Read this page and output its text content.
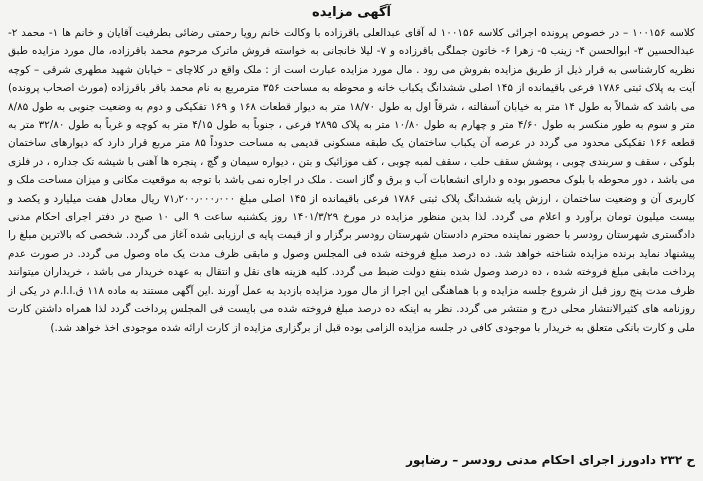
آگهی مزایده

کلاسه ۱۰۰۱۵۶ – در خصوص پرونده اجرائی کلاسه ۱۰۰۱۵۶ له آقای عبدالعلی باقرزاده با وکالت خانم رویا رحمتی رضائی بطرفیت آقایان و خانم ها ۱- محمد ۲- عبدالحسین ۳- ابوالحسن ۴- زینب ۵- زهرا ۶- خاتون جملگی باقرزاده و ۷- لیلا خانجانی به خواسته فروش ماترک مرحوم محمد باقرزاده، مال مورد مزایده طبق نظریه کارشناسی به قرار ذیل از طریق مزایده بفروش می رود . مال مورد مزایده عبارت است از : ملک واقع در کلاچای – خیابان شهید مطهری شرقی – کوچه آیت به پلاک ثبتی ۱۷۸۶ فرعی باقیمانده از ۱۴۵ اصلی ششدانگ یکباب خانه و محوطه به مساحت ۳۵۶ مترمربع به نام محمد باقر باقرزاده (مورث اصحاب پرونده) می باشد که شمالاً به طول ۱۴ متر به خیابان آسفالته ، شرقاً اول به طول ۱۸/۷۰ متر به دیوار قطعات ۱۶۸ و ۱۶۹ تفکیکی و دوم به وضعیت جنوبی به طول ۸/۸۵ متر و سوم به طور منکسر به طول ۴/۶۰ متر و چهارم به طول ۱۰/۸۰ متر به پلاک ۲۸۹۵ فرعی ، جنوباً به طول ۴/۱۵ متر به کوچه و غرباً به طول ۳۲/۸۰ متر به قطعه ۱۶۶ تفکیکی محدود می گردد در عرصه آن یکباب ساختمان یک طبقه مسکونی قدیمی به مساحت حدوداً ۸۵ متر مربع قرار دارد که دیوارهای ساختمان بلوکی ، سقف و سربندی چوبی ، پوشش سقف حلب ، سقف لمبه چوبی ، کف موزائیک و بتن ، دیواره سیمان و گچ ، پنجره ها آهنی با شیشه تک جداره ، در فلزی می باشد ، دور محوطه با بلوک محصور بوده و دارای انشعابات آب و برق و گاز است . ملک در اجاره نمی باشد با توجه به موقعیت مکانی و میزان مساحت ملک و کاربری آن و وضعیت ساختمان ، ارزش پایه ششدانگ پلاک ثبتی ۱۷۸۶ فرعی باقیمانده از ۱۴۵ اصلی مبلغ ۷۱٫۲۰۰٫۰۰۰٫۰۰۰ ریال معادل هفت میلیارد و یکصد و بیست میلیون تومان برآورد و اعلام می گردد. لذا بدین منظور مزایده در مورخ ۱۴۰۱/۳/۲۹ روز یکشنبه ساعت ۹ الی ۱۰ صبح در دفتر اجرای احکام مدنی دادگستری شهرستان رودسر با حضور نماینده محترم دادستان شهرستان رودسر برگزار و از قیمت پایه ی ارزیابی شده آغاز می گردد. شخصی که بالاترین مبلغ را پیشنهاد نماید برنده مزایده شناخته خواهد شد. ده درصد مبلغ فروخته شده فی المجلس وصول و مابقی ظرف مدت یک ماه وصول می گردد. در صورت عدم پرداخت مابقی مبلغ فروخته شده ، ده درصد وصول شده بنفع دولت ضبط می گردد. کلیه هزینه های نقل و انتقال به عهده خریدار می باشد ، خریداران میتوانند ظرف مدت پنج روز قبل از شروع جلسه مزایده و با هماهنگی این اجرا از مال مورد مزایده بازدید به عمل آورند .این آگهی مستند به ماده ۱۱۸ ق.ا.ا.م در یکی از روزنامه های کثیرالانتشار محلی درج و منتشر می گردد. نظر به اینکه ده درصد مبلغ فروخته شده می بایست فی المجلس پرداخت گردد لذا همراه داشتن کارت ملی و کارت بانکی متعلق به خریدار با موجودی کافی در جلسه مزایده الزامی بوده قبل از برگزاری مزایده از کارت ارائه شده موجودی اخذ خواهد شد.)

ح ۲۳۲ دادورز اجرای احکام مدنی رودسر – رضاپور
